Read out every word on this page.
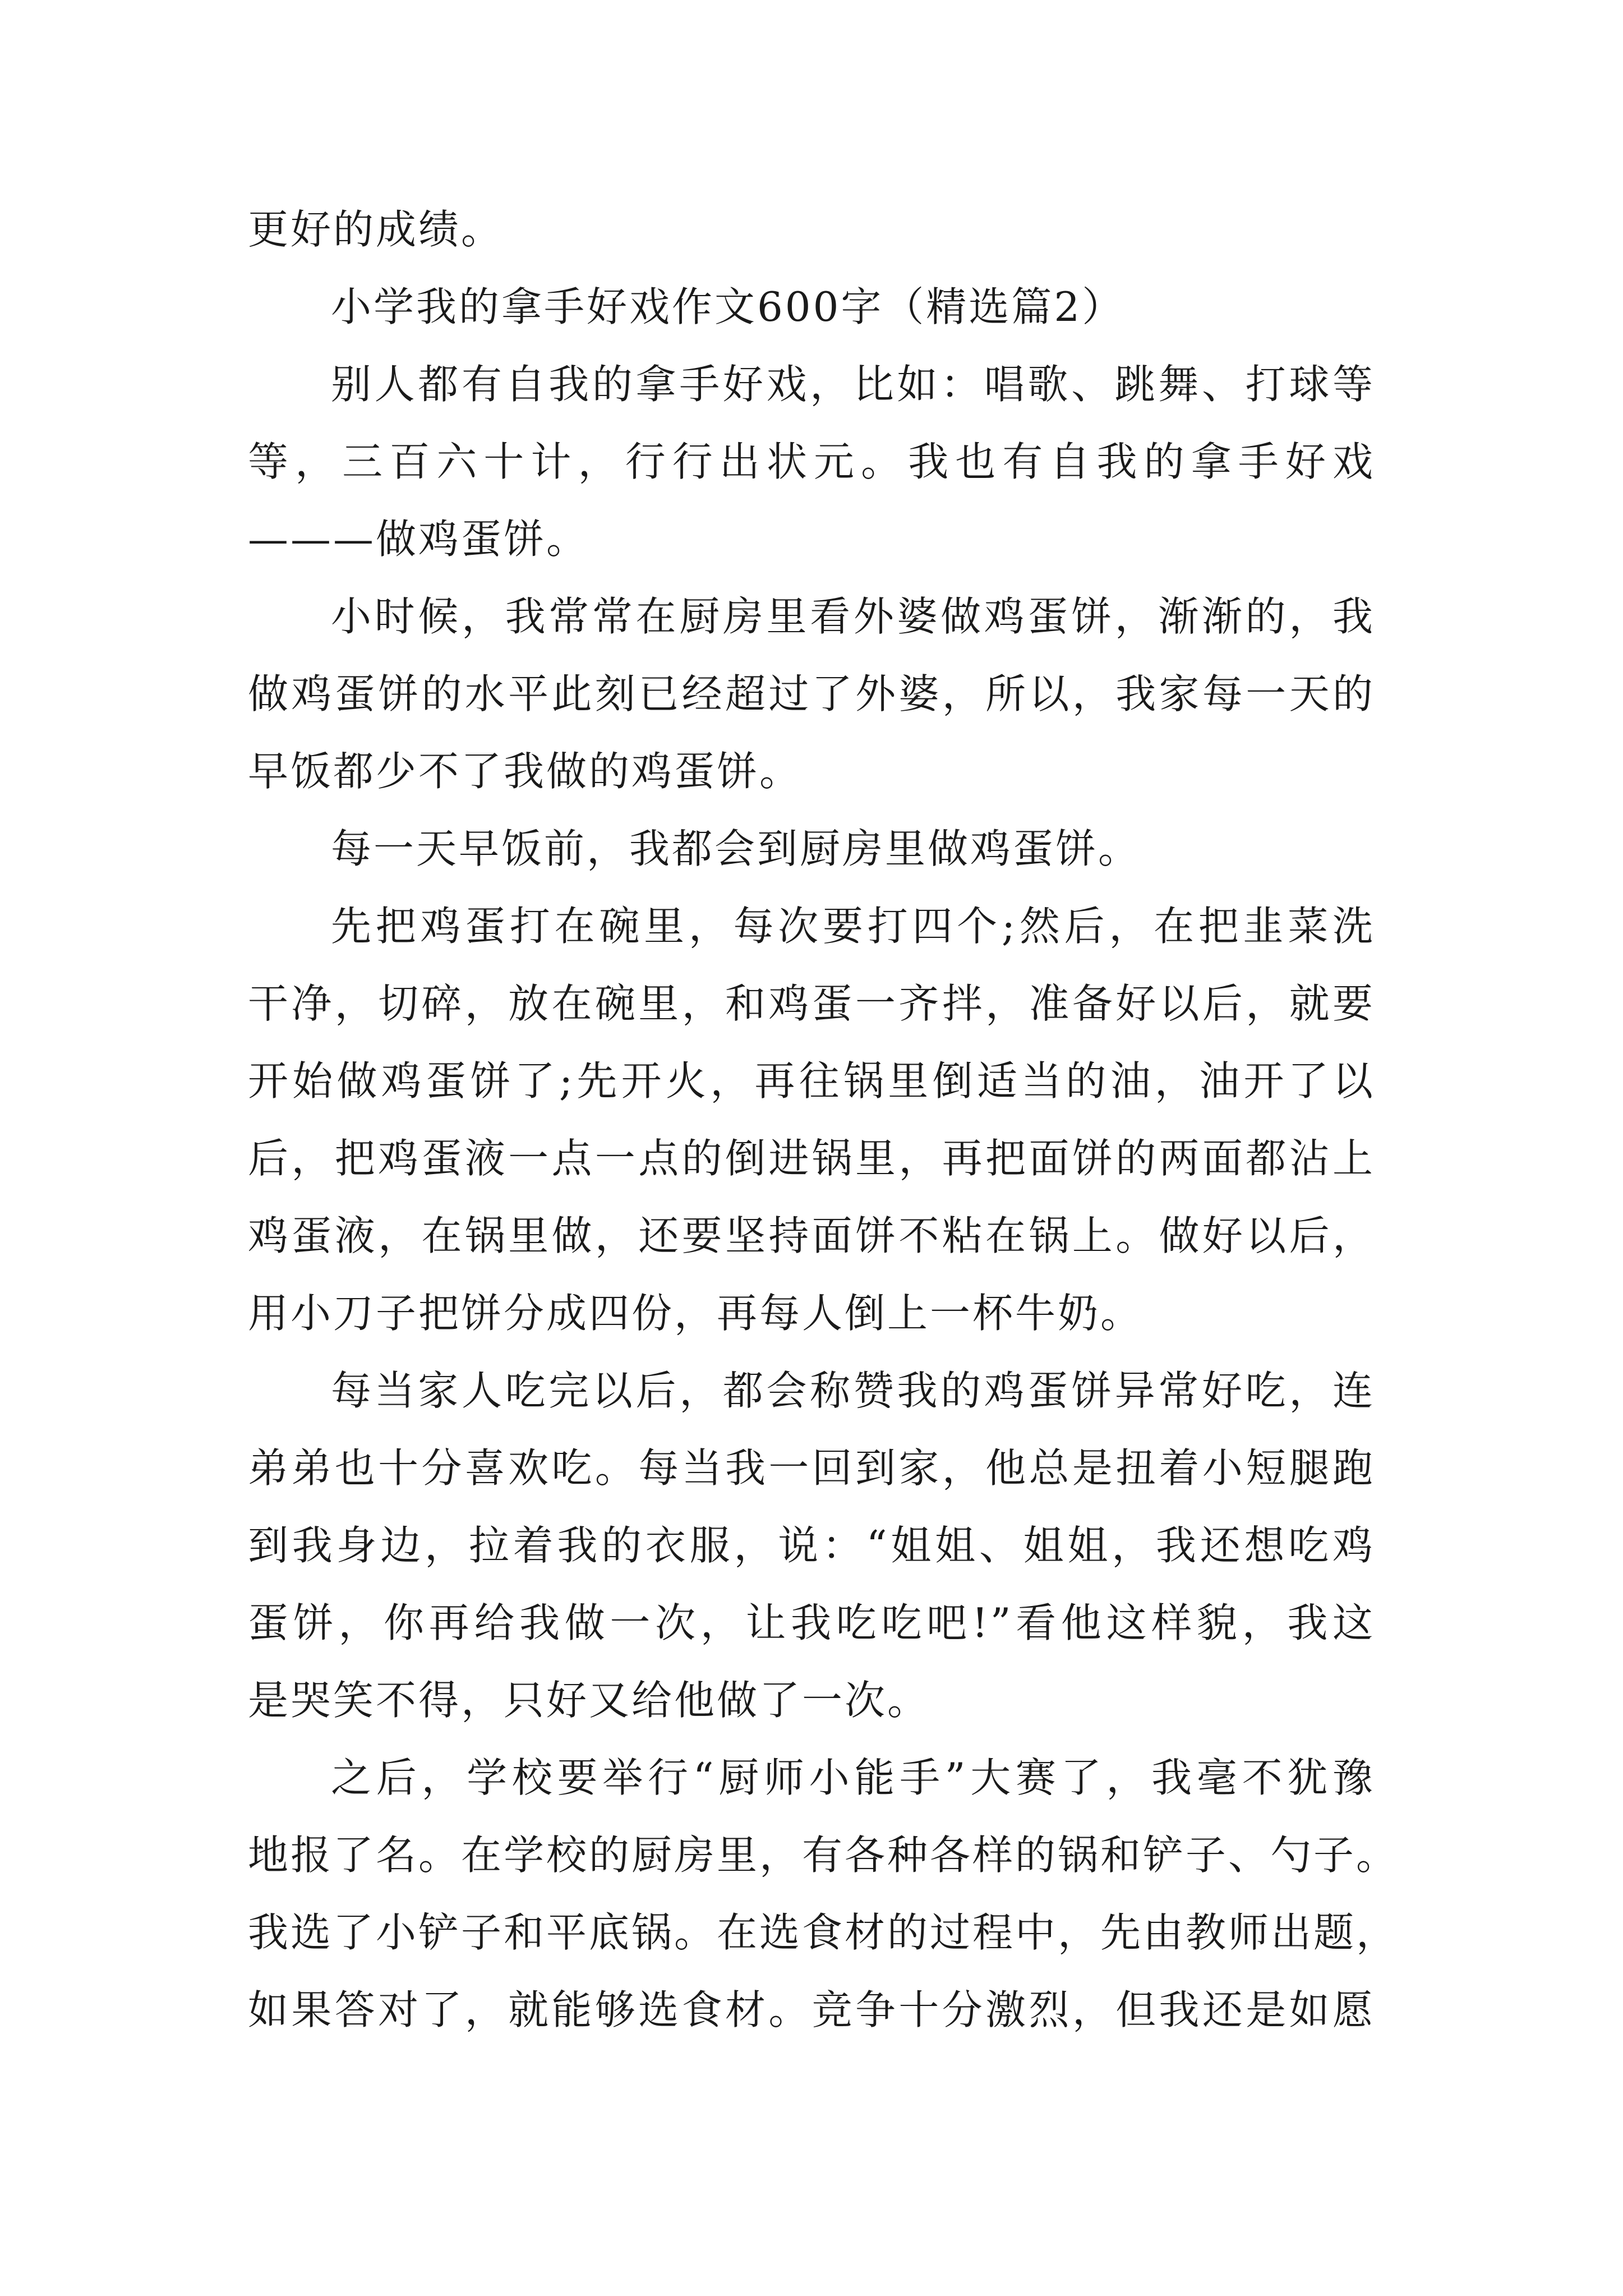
更好的成绩。
小学我的拿手好戏作文600字（精选篇2）
别人都有自我的拿手好戏，比如：唱歌、跳舞、打球等
等，三百六十计，行行出状元。我也有自我的拿手好戏
———做鸡蛋饼。
小时候，我常常在厨房里看外婆做鸡蛋饼，渐渐的，我
做鸡蛋饼的水平此刻已经超过了外婆，所以，我家每一天的
早饭都少不了我做的鸡蛋饼。
每一天早饭前，我都会到厨房里做鸡蛋饼。
先把鸡蛋打在碗里，每次要打四个;然后，在把韭菜洗
干净，切碎，放在碗里，和鸡蛋一齐拌，准备好以后，就要
开始做鸡蛋饼了;先开火，再往锅里倒适当的油，油开了以
后，把鸡蛋液一点一点的倒进锅里，再把面饼的两面都沾上
鸡蛋液，在锅里做，还要坚持面饼不粘在锅上。做好以后，
用小刀子把饼分成四份，再每人倒上一杯牛奶。
每当家人吃完以后，都会称赞我的鸡蛋饼异常好吃，连
弟弟也十分喜欢吃。每当我一回到家，他总是扭着小短腿跑
到我身边，拉着我的衣服，说：“姐姐、姐姐，我还想吃鸡
蛋饼，你再给我做一次，让我吃吃吧!”看他这样貌，我这
是哭笑不得，只好又给他做了一次。
之后，学校要举行“厨师小能手”大赛了，我毫不犹豫
地报了名。在学校的厨房里，有各种各样的锅和铲子、勺子。
我选了小铲子和平底锅。在选食材的过程中，先由教师出题，
如果答对了，就能够选食材。竞争十分激烈，但我还是如愿
